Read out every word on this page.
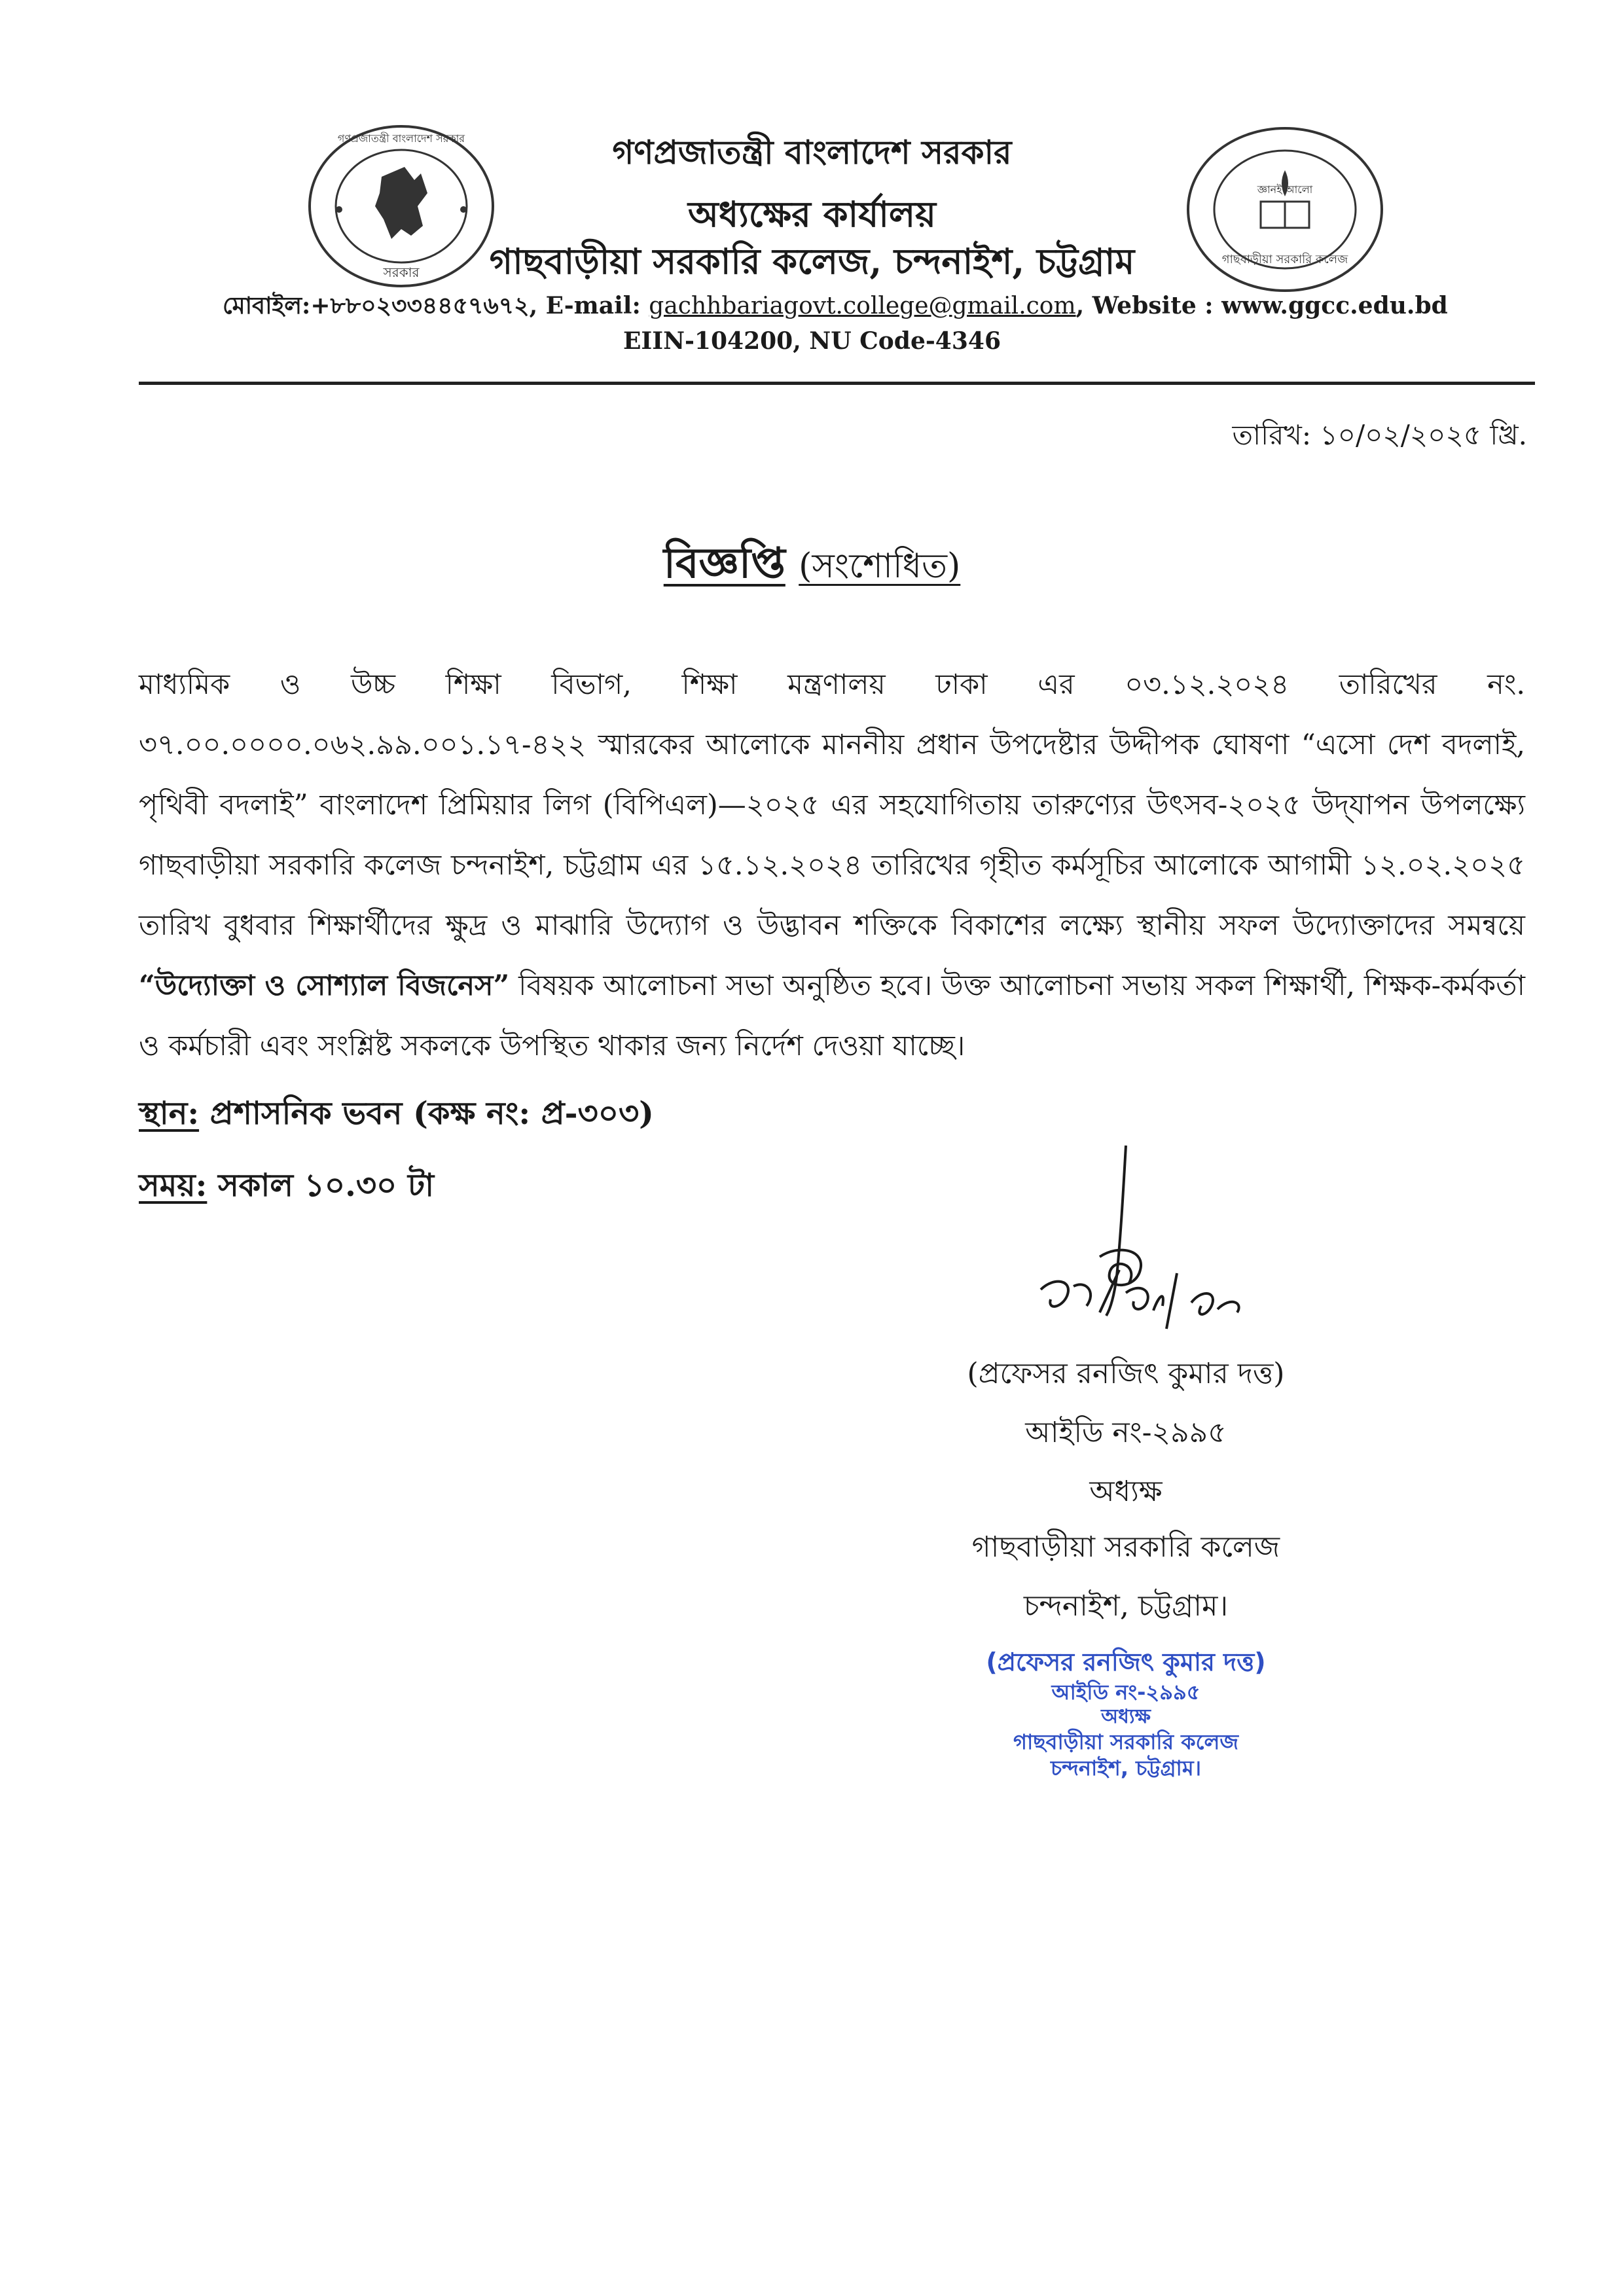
সরকার
গণপ্রজাতন্ত্রী বাংলাদেশ সরকার
জ্ঞানই আলো
গাছবাড়ীয়া সরকারি কলেজ
গণপ্রজাতন্ত্রী বাংলাদেশ সরকার
অধ্যক্ষের কার্যালয়
গাছবাড়ীয়া সরকারি কলেজ, চন্দনাইশ, চট্টগ্রাম
মোবাইল:+৮৮০২৩৩৪৪৫৭৬৭২, E-mail: gachhbariagovt.college@gmail.com, Website : www.ggcc.edu.bd
EIIN-104200, NU Code-4346
তারিখ: ১০/০২/২০২৫ খ্রি.
বিজ্ঞপ্তি (সংশোধিত)
মাধ্যমিক ও উচ্চ শিক্ষা বিভাগ, শিক্ষা মন্ত্রণালয় ঢাকা এর ০৩.১২.২০২৪ তারিখের নং. ৩৭.০০.০০০০.০৬২.৯৯.০০১.১৭-৪২২ স্মারকের আলোকে মাননীয় প্রধান উপদেষ্টার উদ্দীপক ঘোষণা “এসো দেশ বদলাই, পৃথিবী বদলাই” বাংলাদেশ প্রিমিয়ার লিগ (বিপিএল)—২০২৫ এর সহযোগিতায় তারুণ্যের উৎসব-২০২৫ উদ্‌যাপন উপলক্ষ্যে গাছবাড়ীয়া সরকারি কলেজ চন্দনাইশ, চট্টগ্রাম এর ১৫.১২.২০২৪ তারিখের গৃহীত কর্মসূচির আলোকে আগামী ১২.০২.২০২৫ তারিখ বুধবার শিক্ষার্থীদের ক্ষুদ্র ও মাঝারি উদ্যোগ ও উদ্ভাবন শক্তিকে বিকাশের লক্ষ্যে স্থানীয় সফল উদ্যোক্তাদের সমন্বয়ে “উদ্যোক্তা ও সোশ্যাল বিজনেস” বিষয়ক আলোচনা সভা অনুষ্ঠিত হবে। উক্ত আলোচনা সভায় সকল শিক্ষার্থী, শিক্ষক-কর্মকর্তা ও কর্মচারী এবং সংশ্লিষ্ট সকলকে উপস্থিত থাকার জন্য নির্দেশ দেওয়া যাচ্ছে।
স্থান: প্রশাসনিক ভবন (কক্ষ নং: প্র-৩০৩)
সময়: সকাল ১০.৩০ টা
(প্রফেসর রনজিৎ কুমার দত্ত)
আইডি নং-২৯৯৫
অধ্যক্ষ
গাছবাড়ীয়া সরকারি কলেজ
চন্দনাইশ, চট্টগ্রাম।
(প্রফেসর রনজিৎ কুমার দত্ত)
আইডি নং-২৯৯৫
অধ্যক্ষ
গাছবাড়ীয়া সরকারি কলেজ
চন্দনাইশ, চট্টগ্রাম।
